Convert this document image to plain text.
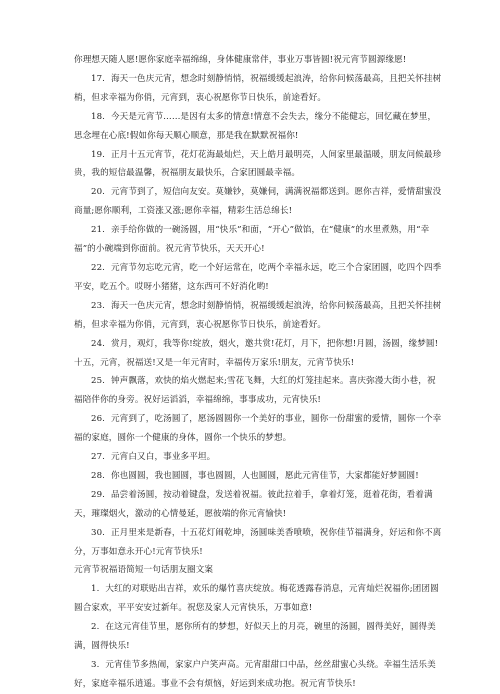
你理想天随人愿!愿你家庭幸福绵绵，身体健康常伴，事业万事皆圆!祝元宵节圆源缘愿!

17. 海天一色庆元宵，想念时刻静悄悄，祝福缓缓起浪涛，给你问候荡最高，且把关怀挂树梢，但求幸福为你俏，元宵到，衷心祝愿你节日快乐，前途看好。

18. 今天是元宵节……是因有太多的情意!情意不会失去，缘分不能健忘，回忆藏在梦里，思念埋在心底!假如你每天顺心顺意，那是我在默默祝福你!

19. 正月十五元宵节，花灯花海最灿烂，天上皓月最明亮，人间家里最温暖，朋友问候最珍贵，我的短信最温馨，祝福朋友最快乐，合家团圆最幸福。

20. 元宵节到了，短信向友安。莫嫌钞，莫嫌伺，满满祝福都送到。愿你吉祥，爱情甜蜜没商量;愿你顺利，工资涨又涨;愿你幸福，精彩生活总绵长!

21. 亲手给你做的一碗汤圆，用“快乐”和面，“开心”做馅，在“健康”的水里煮熟，用“幸福”的小碗端到你面前。祝元宵节快乐，天天开心!

22. 元宵节勿忘吃元宵，吃一个好运常在，吃两个幸福永远，吃三个合家团圆，吃四个四季平安，吃五个。哎呀小猪猪，这东西可不好消化哟!

23. 海天一色庆元宵，想念时刻静悄悄，祝福缓缓起浪涛，给你问候荡最高，且把关怀挂树梢，但求幸福为你俏，元宵到，衷心祝愿你节日快乐，前途看好。

24. 赏月，观灯，我等你!绽放，烟火，邀共赏!花灯，月下，把你想!月圆，汤圆，缘梦圆!十五，元宵，祝福送!又是一年元宵时，幸福传万家乐!朋友，元宵节快乐!

25. 钟声飘落，欢快的焰火燃起来;雪花飞舞，大红的灯笼挂起来。喜庆弥漫大街小巷，祝福陪伴你的身旁。祝好运滔滔，幸福绵绵，事事成功，元宵快乐!

26. 元宵到了，吃汤圆了，愿汤圆圆你一个美好的事业，圆你一份甜蜜的爱情，圆你一个幸福的家庭，圆你一个健康的身体，圆你一个快乐的梦想。

27. 元宵白又白，事业多平坦。

28. 你也圆圆，我也圆圆，事也圆圆，人也圆圆，愿此元宵佳节，大家都能好梦圆圆!

29. 品尝着汤圆，按动着键盘，发送着祝福。彼此拉着手，拿着灯笼，逛着花街，看着满天，璀璨烟火，激动的心情曼延，愿彼端的你元宵愉快!

30. 正月里来是新春，十五花灯闹乾坤，汤圆味美香喷喷，祝你佳节福满身，好运和你不离分，万事如意永开心!元宵节快乐!

元宵节祝福语简短一句话朋友圈文案

1. 大红的对联贴出吉祥，欢乐的爆竹喜庆绽放。梅花透露春消息，元宵灿烂祝福你;团团圆圆合家欢，平平安安过新年。祝您及家人元宵快乐，万事如意!

2. 在这元宵佳节里，愿你所有的梦想，好似天上的月亮，碗里的汤圆，圆得美好，圆得美满，圆得快乐!

3. 元宵佳节多热闹，家家户户笑声高。元宵甜甜口中品，丝丝甜蜜心头绕。幸福生活乐美好，家庭幸福乐逍遥。事业不会有烦恼，好运到来成功抱。祝元宵节快乐!
